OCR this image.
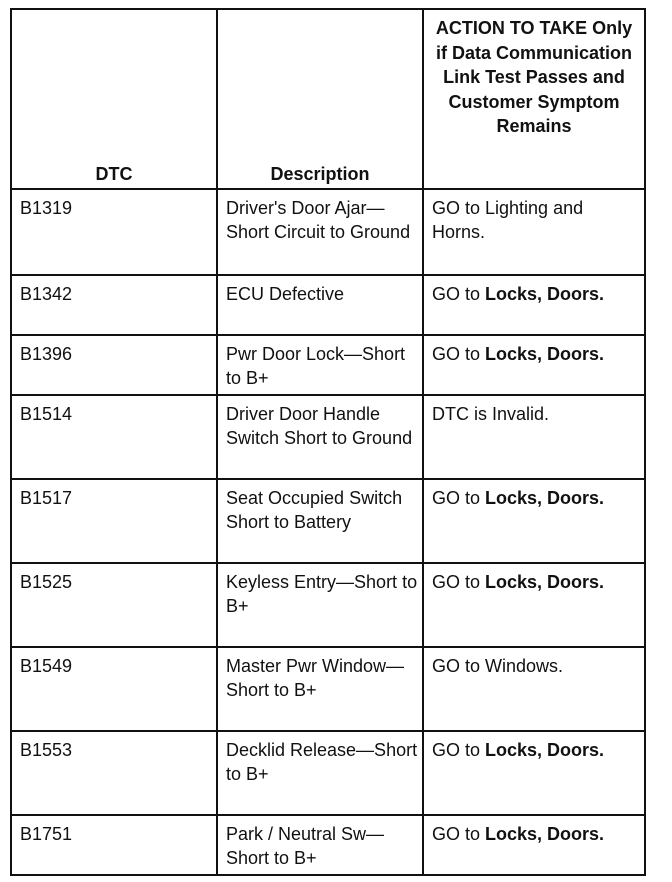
DTC	Description	ACTION TO TAKE Only if Data Communication Link Test Passes and Customer Symptom Remains
B1319	Driver's Door Ajar—Short Circuit to Ground	GO to Lighting and Horns.
B1342	ECU Defective	GO to Locks, Doors.
B1396	Pwr Door Lock—Short to B+	GO to Locks, Doors.
B1514	Driver Door Handle Switch Short to Ground	DTC is Invalid.
B1517	Seat Occupied Switch Short to Battery	GO to Locks, Doors.
B1525	Keyless Entry—Short to B+	GO to Locks, Doors.
B1549	Master Pwr Window—Short to B+	GO to Windows.
B1553	Decklid Release—Short to B+	GO to Locks, Doors.
B1751	Park / Neutral Sw—Short to B+	GO to Locks, Doors.
